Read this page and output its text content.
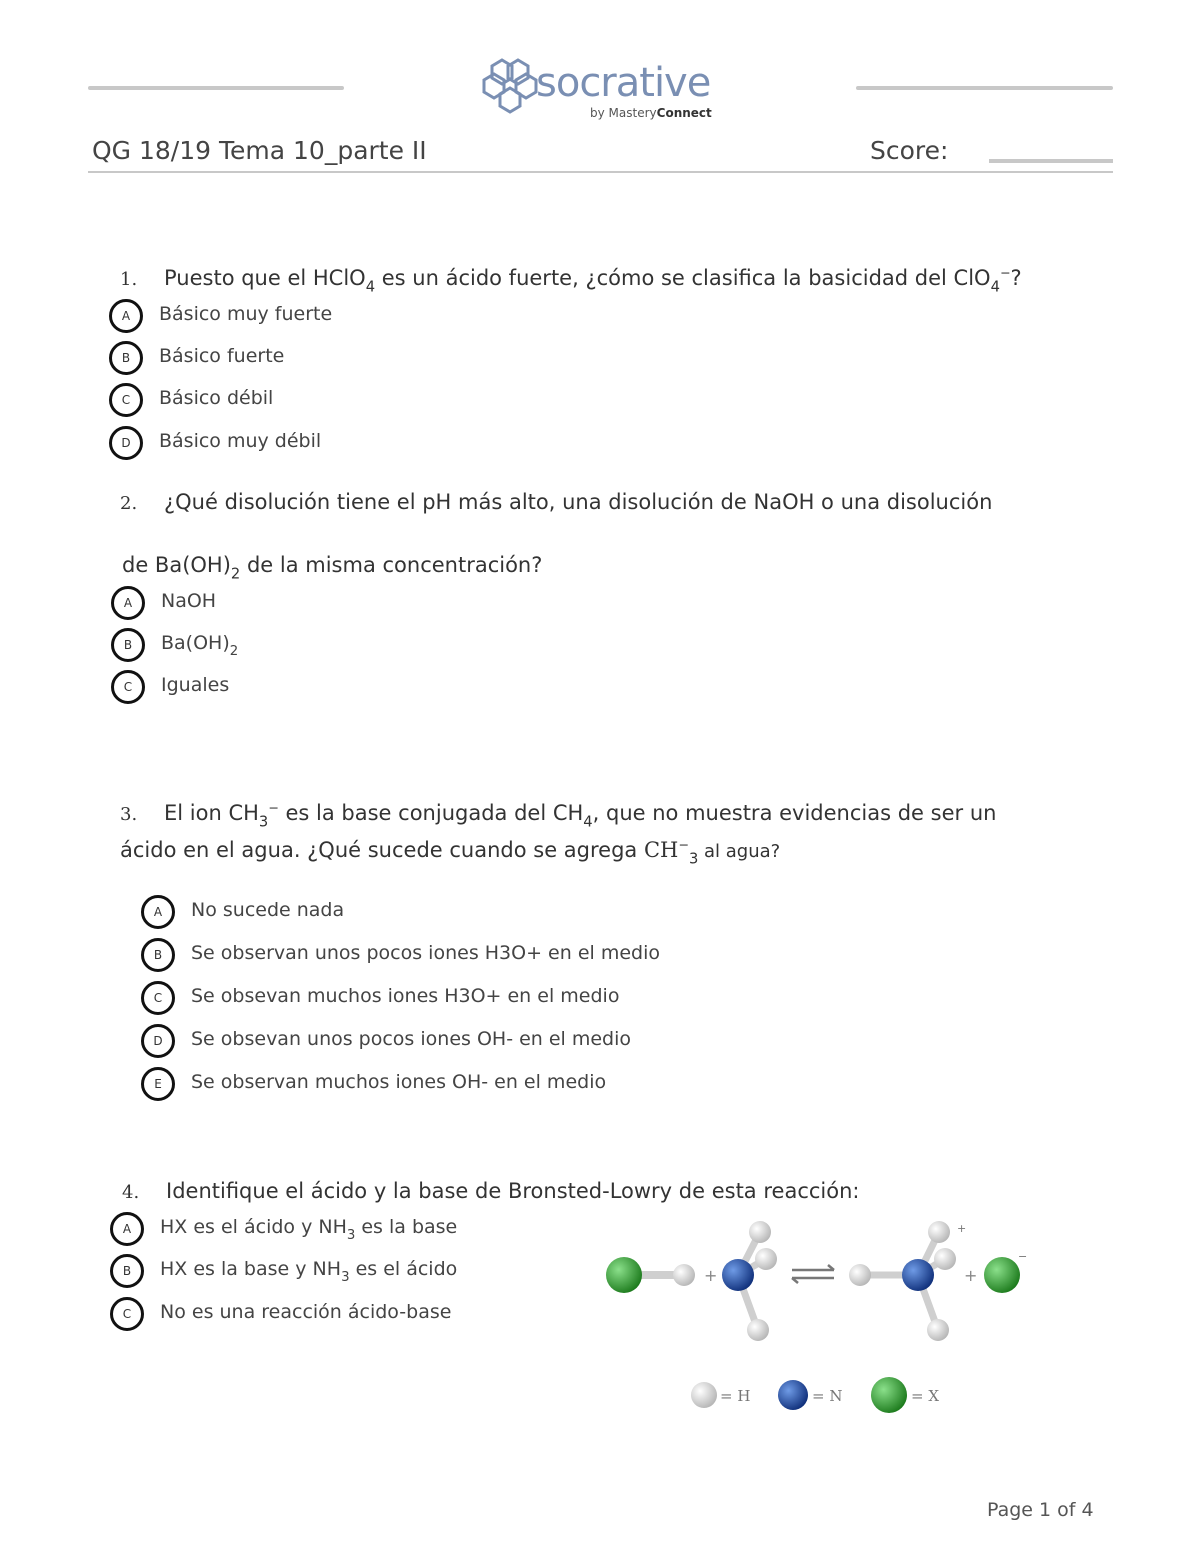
socrative
by MasteryConnect
QG 18/19 Tema 10_parte II	Score:
1. Puesto que el HClO$_4$ es un ácido fuerte, ¿cómo se clasifica la basicidad del ClO$_4$−?
A	Básico muy fuerte
B	Básico fuerte
C	Básico débil
D	Básico muy débil
2. ¿Qué disolución tiene el pH más alto, una disolución de NaOH o una disolución
de $Ba(OH)_2$ de la misma concentración?
A	NaOH
B	$Ba(OH)_2$
C	Iguales
3. El ion $CH_3^-$ es la base conjugada del $CH_4$, que no muestra evidencias de ser un
ácido en el agua. ¿Qué sucede cuando se agrega $CH^-_3$ al agua?
A	No sucede nada
B	Se observan unos pocos iones H3O+ en el medio
C	Se obsevan muchos iones H3O+ en el medio
D	Se obsevan unos pocos iones OH- en el medio
E	Se observan muchos iones OH- en el medio
4. Identifique el ácido y la base de Bronsted-Lowry de esta reacción:
A	HX es el ácido y $NH_3$ es la base
B	HX es la base y $NH_3$ es el ácido
C	No es una reacción ácido-base
+
+
+
−
= H	= N	= X
Page 1 of 4
